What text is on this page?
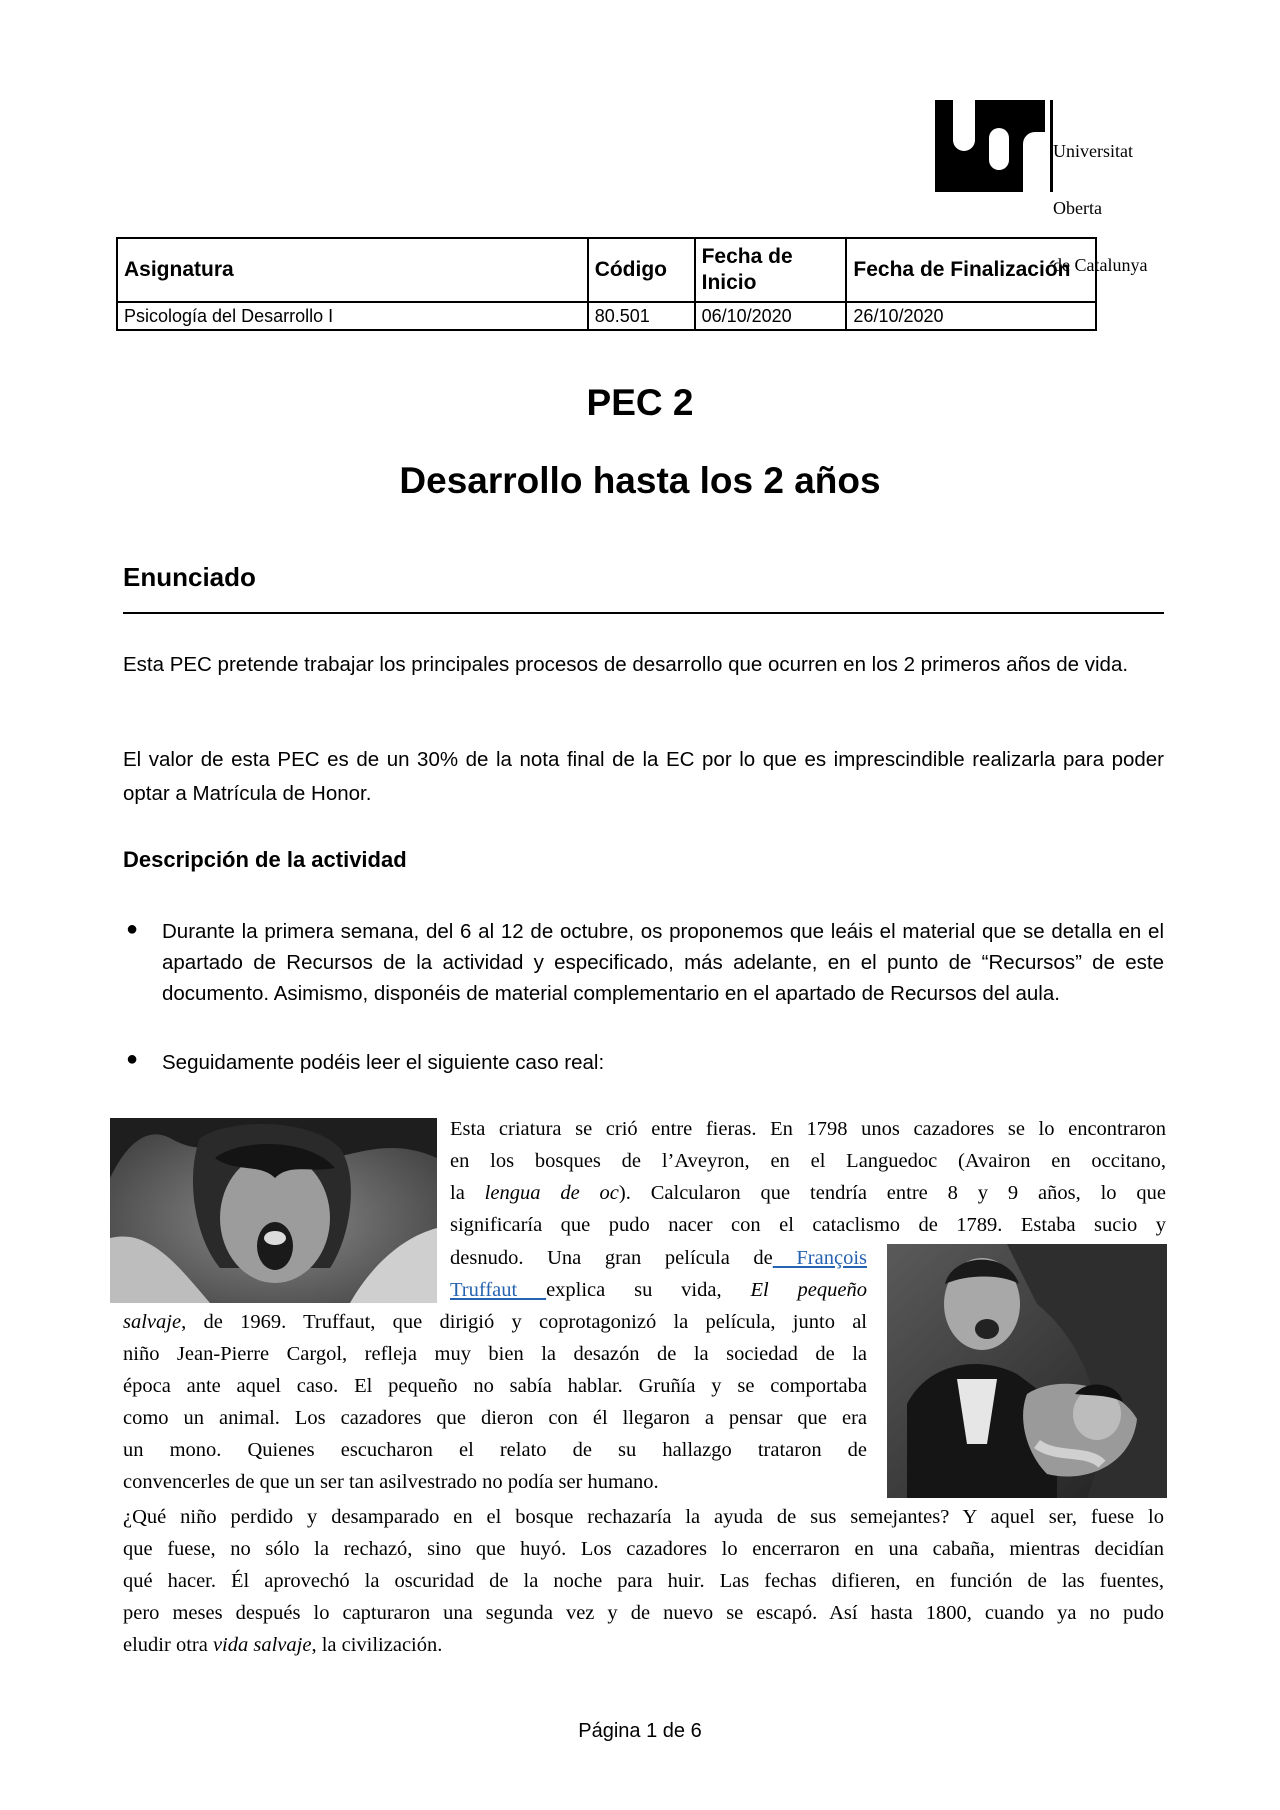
Universitat

Oberta

de Catalunya

Asignatura	Código	Fecha de Inicio	Fecha de Finalización
Psicología del Desarrollo I	80.501	06/10/2020	26/10/2020
PEC 2
Desarrollo hasta los 2 años
Enunciado
Esta PEC pretende trabajar los principales procesos de desarrollo que ocurren en los 2 primeros años de vida.
El valor de esta PEC es de un 30% de la nota final de la EC por lo que es imprescindible realizarla para poder optar a Matrícula de Honor.
Descripción de la actividad
● Durante la primera semana, del 6 al 12 de octubre, os proponemos que leáis el material que se detalla en el apartado de Recursos de la actividad y especificado, más adelante, en el punto de “Recursos” de este documento. Asimismo, disponéis de material complementario en el apartado de Recursos del aula.
● Seguidamente podéis leer el siguiente caso real:
Esta criatura se crió entre fieras. En 1798 unos cazadores se lo encontraron
en los bosques de l’Aveyron, en el Languedoc (Avairon en occitano,
la lengua de oc). Calcularon que tendría entre 8 y 9 años, lo que
significaría que pudo nacer con el cataclismo de 1789. Estaba sucio y
desnudo. Una gran película de François
Truffaut explica su vida, El pequeño
salvaje, de 1969. Truffaut, que dirigió y coprotagonizó la película, junto al
niño Jean-Pierre Cargol, refleja muy bien la desazón de la sociedad de la
época ante aquel caso. El pequeño no sabía hablar. Gruñía y se comportaba
como un animal. Los cazadores que dieron con él llegaron a pensar que era
un mono. Quienes escucharon el relato de su hallazgo trataron de
convencerles de que un ser tan asilvestrado no podía ser humano.
¿Qué niño perdido y desamparado en el bosque rechazaría la ayuda de sus semejantes? Y aquel ser, fuese lo
que fuese, no sólo la rechazó, sino que huyó. Los cazadores lo encerraron en una cabaña, mientras decidían
qué hacer. Él aprovechó la oscuridad de la noche para huir. Las fechas difieren, en función de las fuentes,
pero meses después lo capturaron una segunda vez y de nuevo se escapó. Así hasta 1800, cuando ya no pudo
eludir otra vida salvaje, la civilización.
Página 1 de 6
